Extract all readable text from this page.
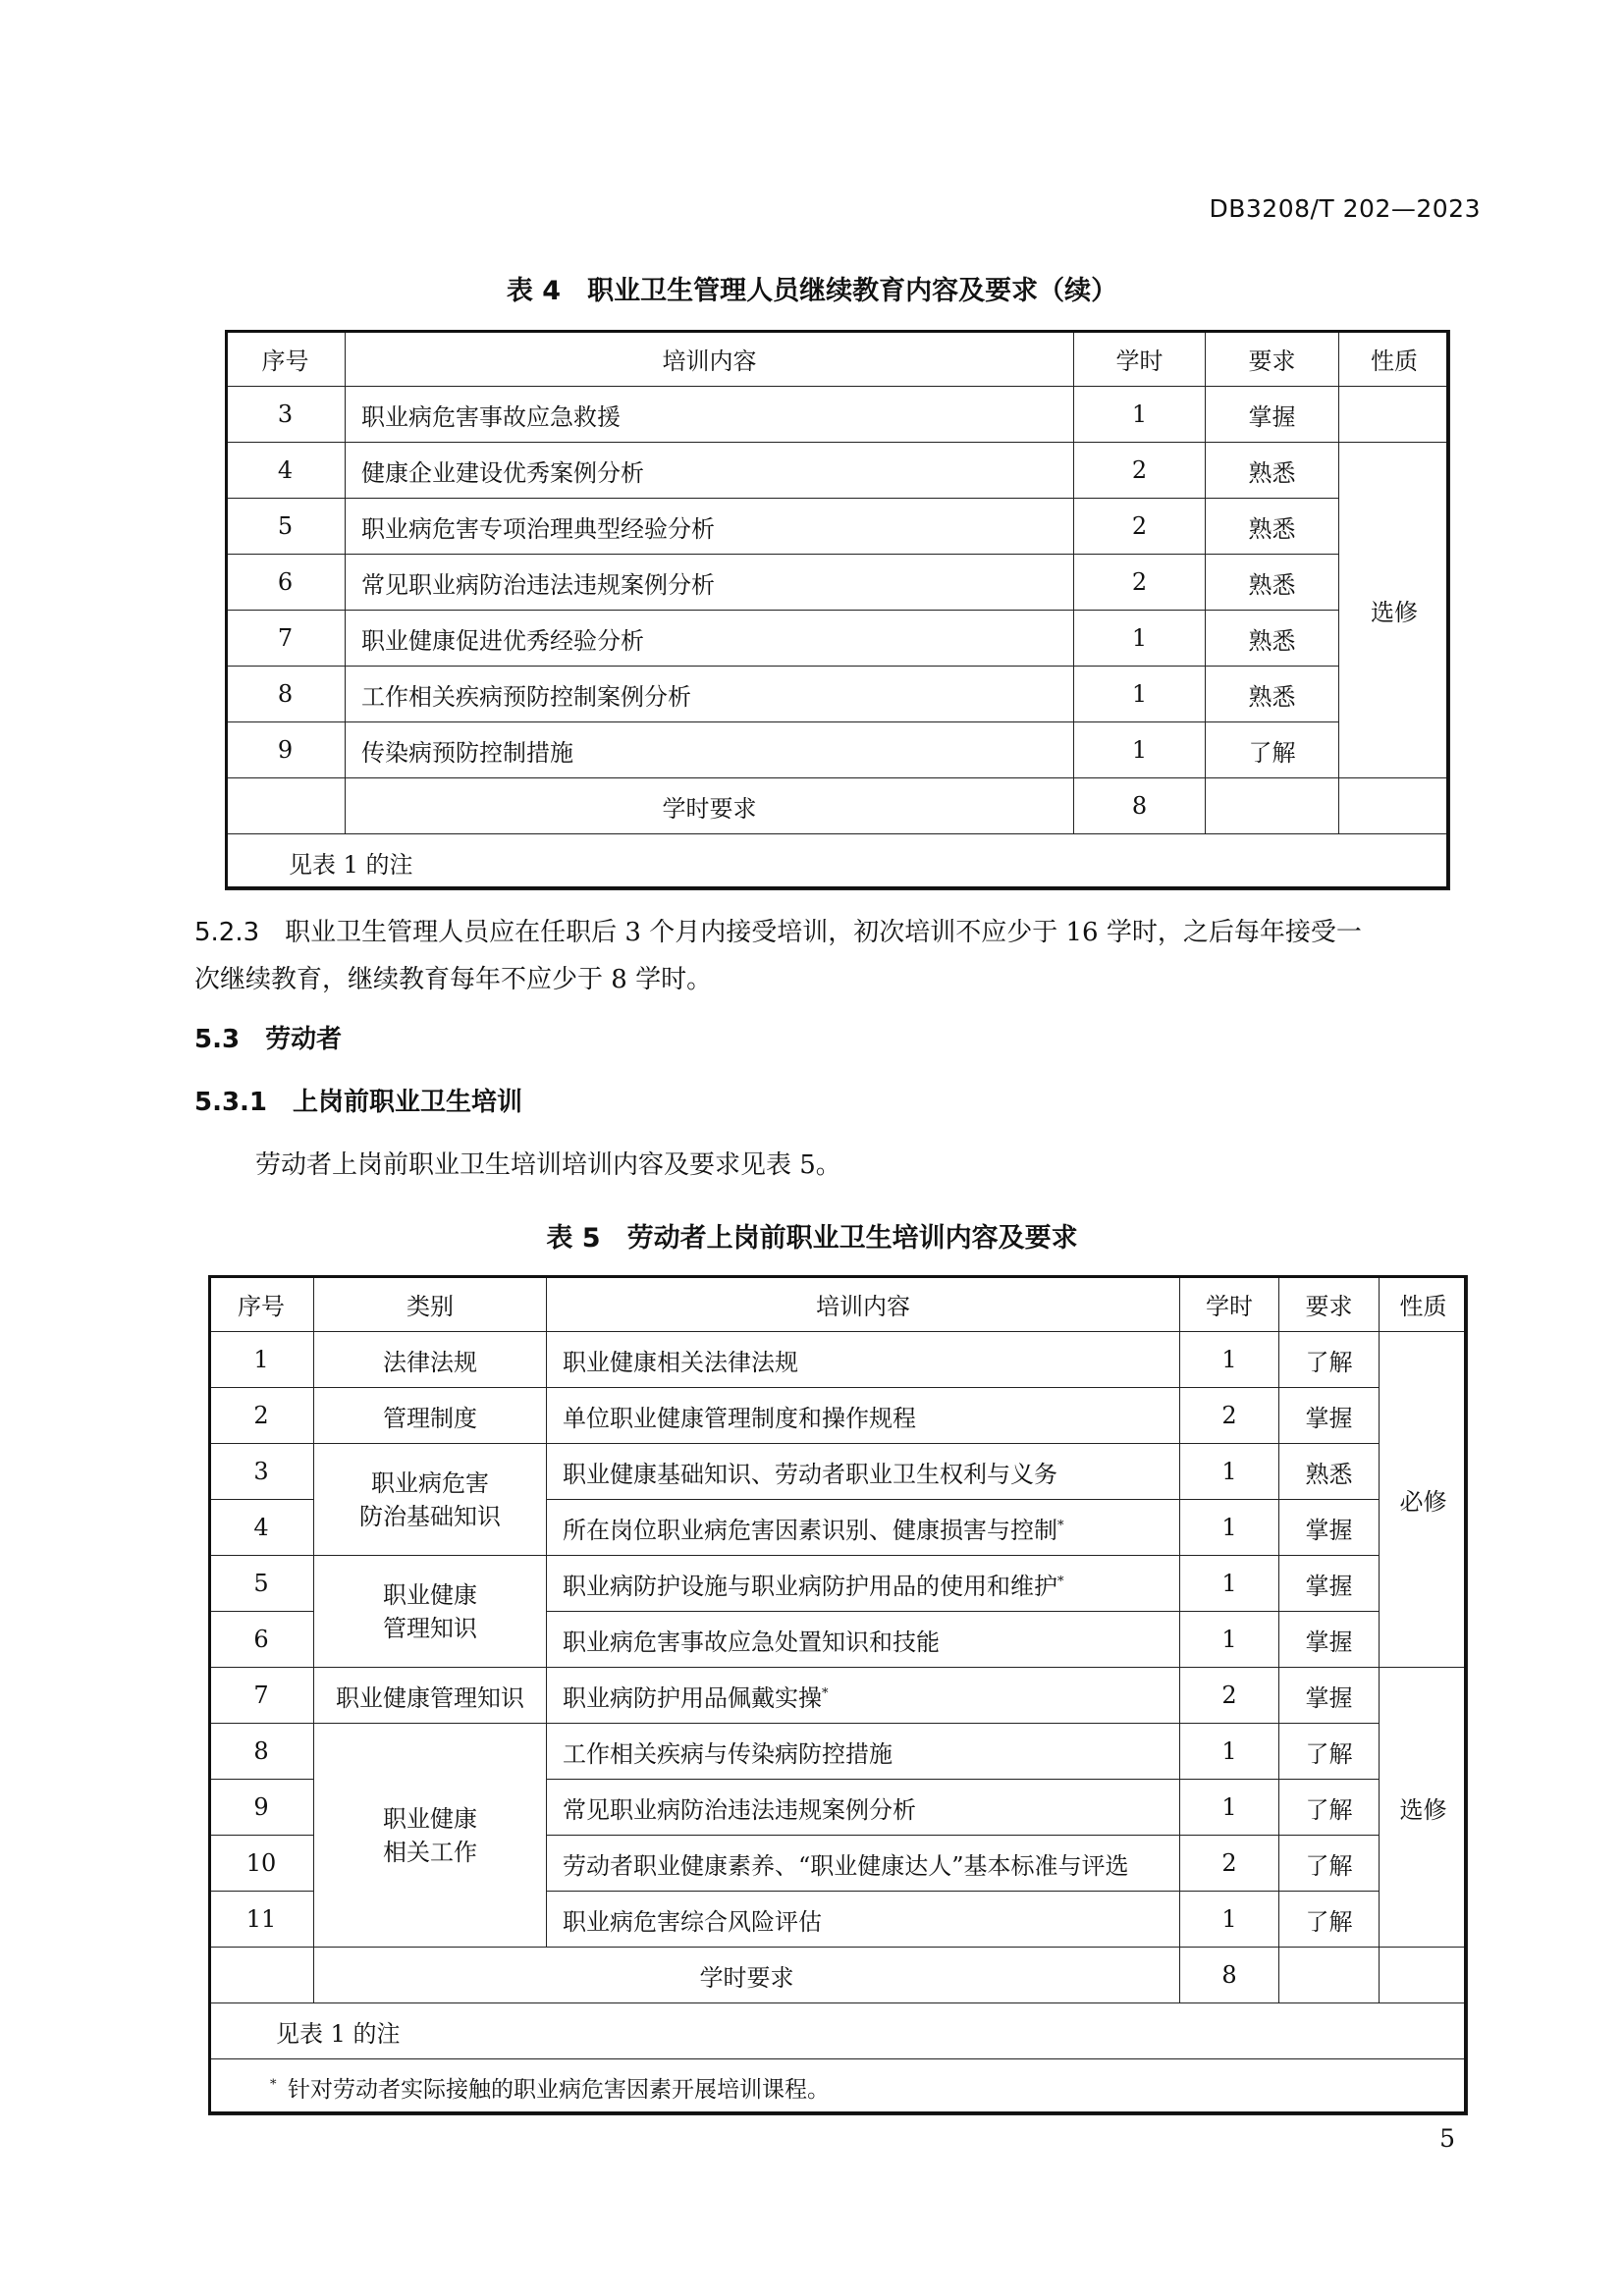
DB3208/T 202—2023
表 4　职业卫生管理人员继续教育内容及要求（续）
序号	培训内容	学时	要求	性质
3	职业病危害事故应急救援	1	掌握	
4	健康企业建设优秀案例分析	2	熟悉	选修
5	职业病危害专项治理典型经验分析	2	熟悉	
6	常见职业病防治违法违规案例分析	2	熟悉	
7	职业健康促进优秀经验分析	1	熟悉	
8	工作相关疾病预防控制案例分析	1	熟悉	
9	传染病预防控制措施	1	了解	
	学时要求	8		
见表 1 的注				
5.2.3  职业卫生管理人员应在任职后 3 个月内接受培训，初次培训不应少于 16 学时，之后每年接受一
次继续教育，继续教育每年不应少于 8 学时。
5.3  劳动者
5.3.1  上岗前职业卫生培训
劳动者上岗前职业卫生培训培训内容及要求见表 5。
表 5　劳动者上岗前职业卫生培训内容及要求
序号	类别	培训内容	学时	要求	性质
1	法律法规	职业健康相关法律法规	1	了解	必修
2	管理制度	单位职业健康管理制度和操作规程	2	掌握	
3	职业病危害
防治基础知识	职业健康基础知识、劳动者职业卫生权利与义务	1	熟悉	
4		所在岗位职业病危害因素识别、健康损害与控制*	1	掌握	
5	职业健康
管理知识	职业病防护设施与职业病防护用品的使用和维护*	1	掌握	
6		职业病危害事故应急处置知识和技能	1	掌握	
7	职业健康管理知识	职业病防护用品佩戴实操*	2	掌握	选修
8	职业健康
相关工作	工作相关疾病与传染病防控措施	1	了解	
9		常见职业病防治违法违规案例分析	1	了解	
10		劳动者职业健康素养、“职业健康达人”基本标准与评选	2	了解	
11		职业病危害综合风险评估	1	了解	
	学时要求		8		
见表 1 的注					
*  针对劳动者实际接触的职业病危害因素开展培训课程。					
5
